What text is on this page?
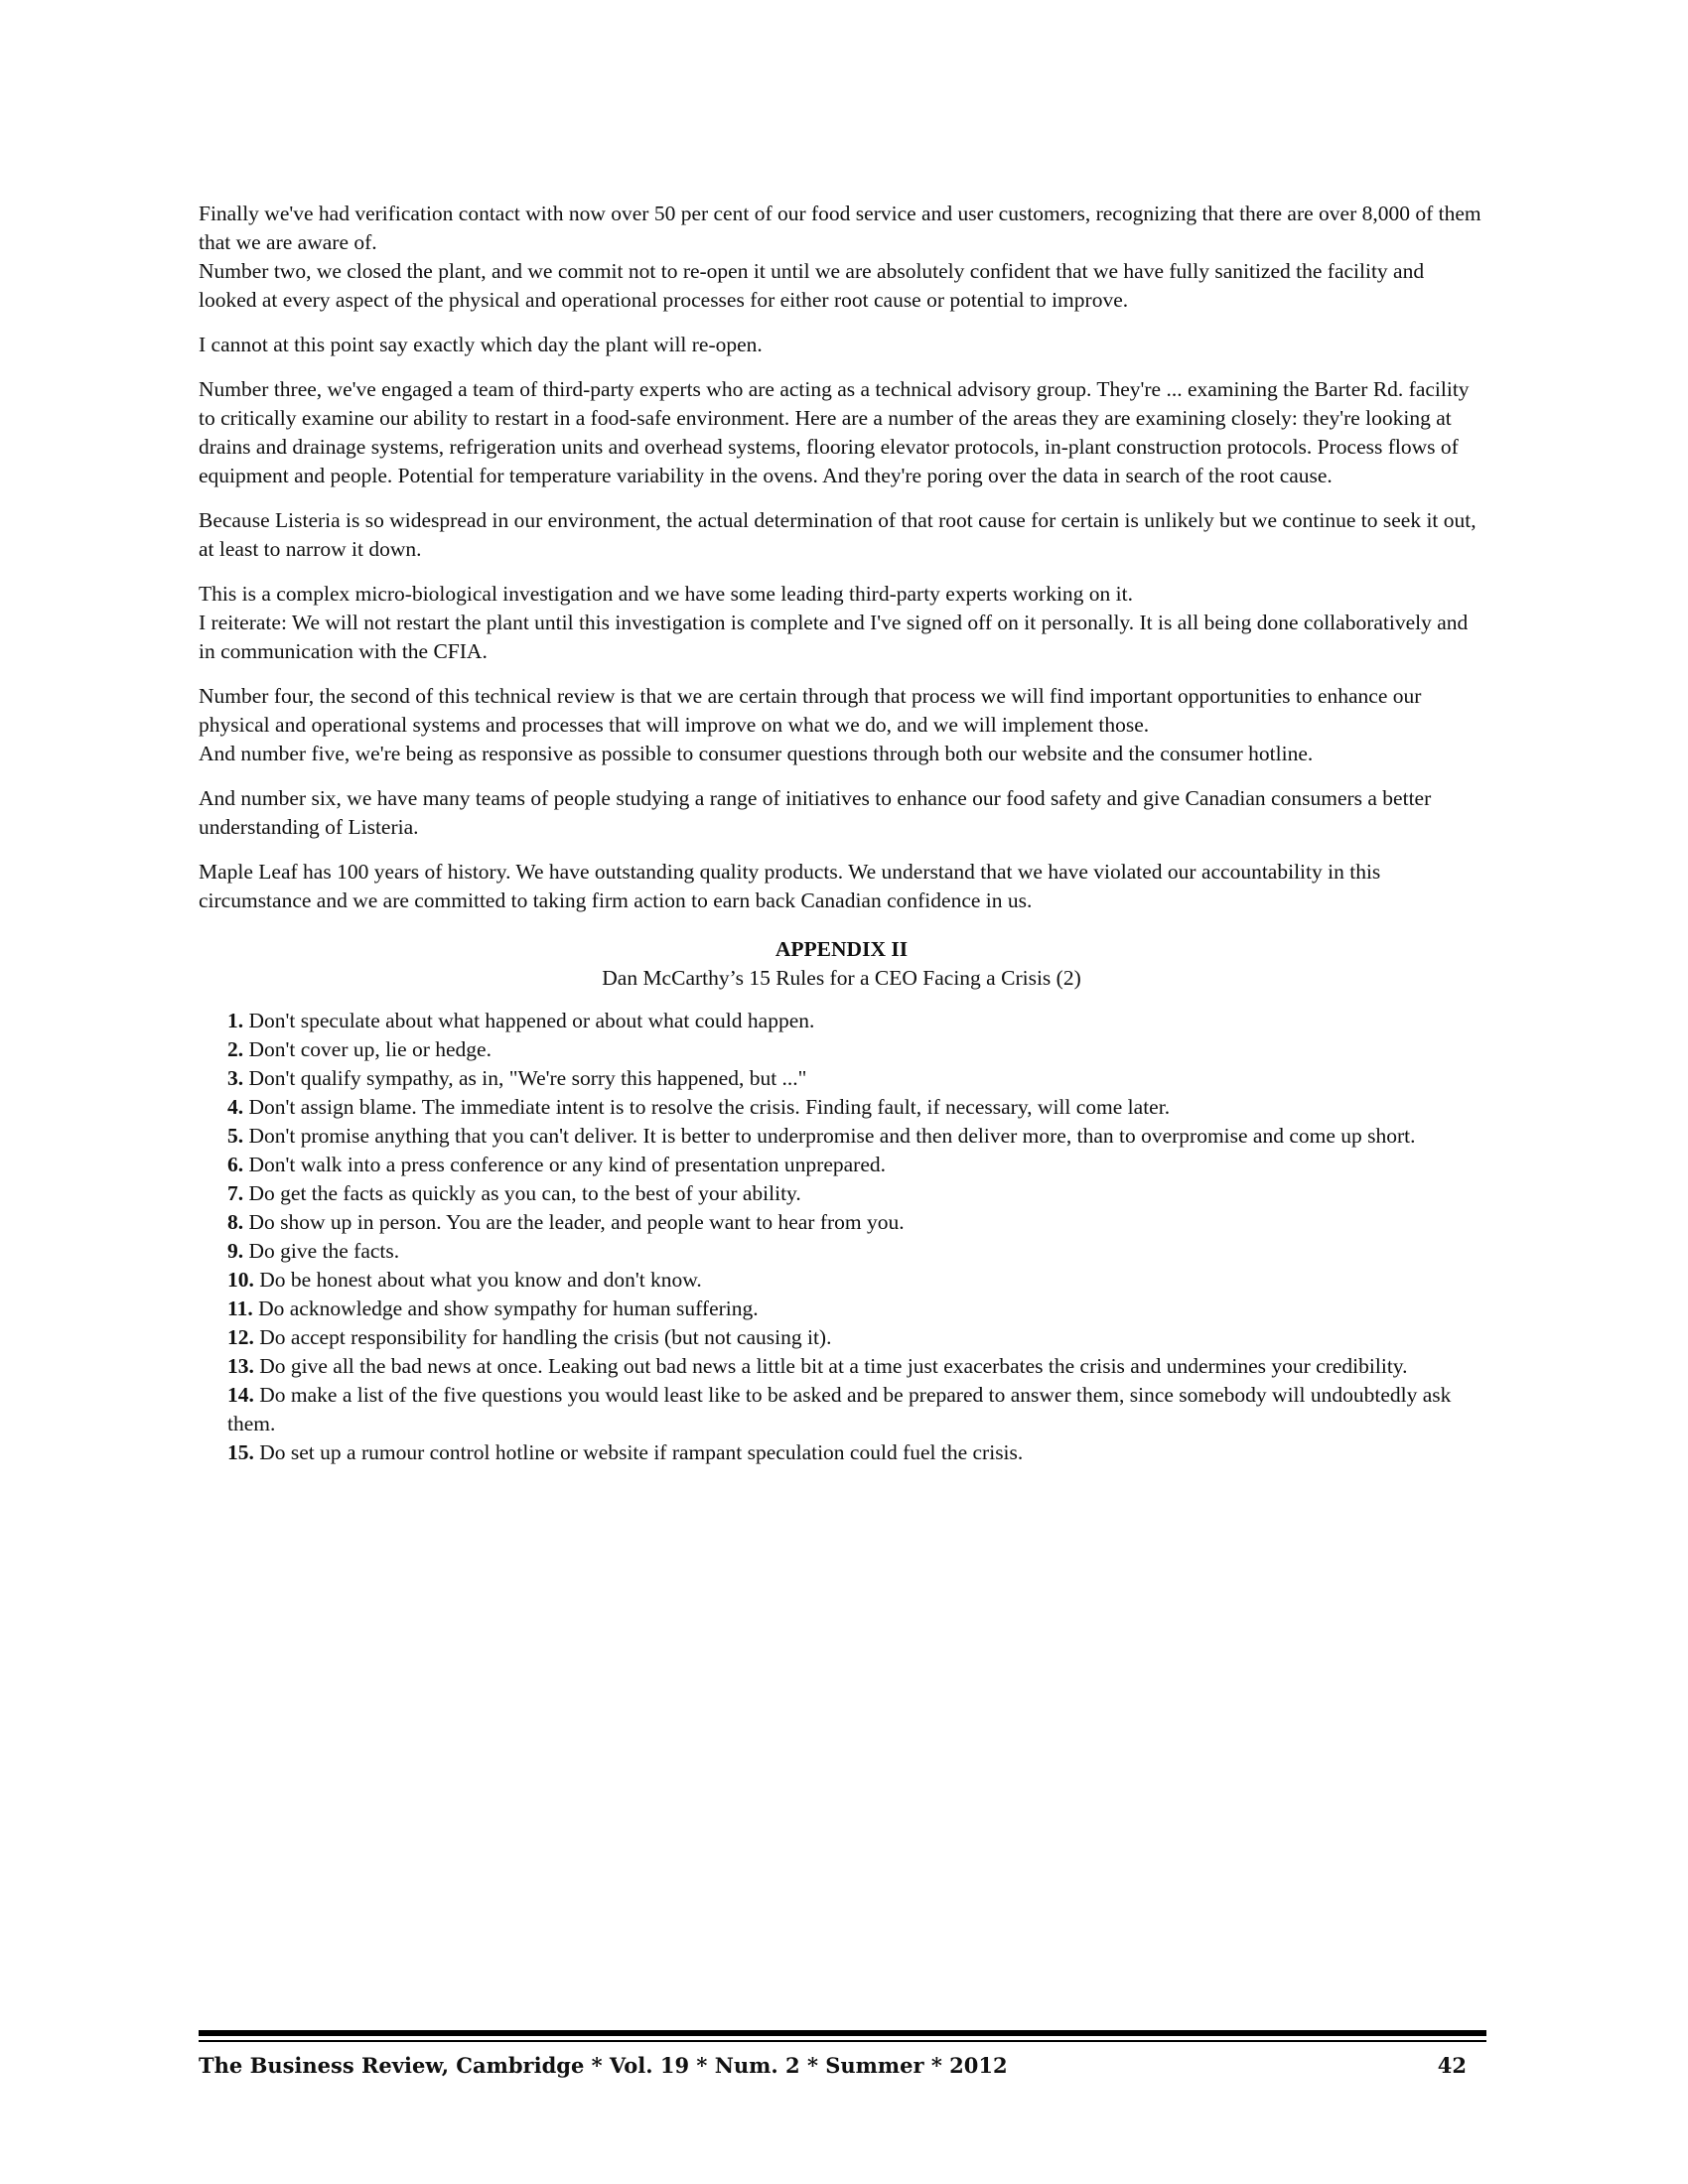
Finally we've had verification contact with now over 50 per cent of our food service and user customers, recognizing that there are over 8,000 of them that we are aware of.
Number two, we closed the plant, and we commit not to re-open it until we are absolutely confident that we have fully sanitized the facility and looked at every aspect of the physical and operational processes for either root cause or potential to improve.

I cannot at this point say exactly which day the plant will re-open.

Number three, we've engaged a team of third-party experts who are acting as a technical advisory group. They're ... examining the Barter Rd. facility to critically examine our ability to restart in a food-safe environment. Here are a number of the areas they are examining closely: they're looking at drains and drainage systems, refrigeration units and overhead systems, flooring elevator protocols, in-plant construction protocols. Process flows of equipment and people. Potential for temperature variability in the ovens. And they're poring over the data in search of the root cause.

Because Listeria is so widespread in our environment, the actual determination of that root cause for certain is unlikely but we continue to seek it out, at least to narrow it down.

This is a complex micro-biological investigation and we have some leading third-party experts working on it.
I reiterate: We will not restart the plant until this investigation is complete and I've signed off on it personally. It is all being done collaboratively and in communication with the CFIA.

Number four, the second of this technical review is that we are certain through that process we will find important opportunities to enhance our physical and operational systems and processes that will improve on what we do, and we will implement those.
And number five, we're being as responsive as possible to consumer questions through both our website and the consumer hotline.

And number six, we have many teams of people studying a range of initiatives to enhance our food safety and give Canadian consumers a better understanding of Listeria.

Maple Leaf has 100 years of history. We have outstanding quality products. We understand that we have violated our accountability in this circumstance and we are committed to taking firm action to earn back Canadian confidence in us.

APPENDIX II
Dan McCarthy’s 15 Rules for a CEO Facing a Crisis (2)
1. Don't speculate about what happened or about what could happen.
2. Don't cover up, lie or hedge.
3. Don't qualify sympathy, as in, "We're sorry this happened, but ..."
4. Don't assign blame. The immediate intent is to resolve the crisis. Finding fault, if necessary, will come later.
5. Don't promise anything that you can't deliver. It is better to underpromise and then deliver more, than to overpromise and come up short.
6. Don't walk into a press conference or any kind of presentation unprepared.
7. Do get the facts as quickly as you can, to the best of your ability.
8. Do show up in person. You are the leader, and people want to hear from you.
9. Do give the facts.
10. Do be honest about what you know and don't know.
11. Do acknowledge and show sympathy for human suffering.
12. Do accept responsibility for handling the crisis (but not causing it).
13. Do give all the bad news at once. Leaking out bad news a little bit at a time just exacerbates the crisis and undermines your credibility.
14. Do make a list of the five questions you would least like to be asked and be prepared to answer them, since somebody will undoubtedly ask them.
15. Do set up a rumour control hotline or website if rampant speculation could fuel the crisis.
The Business Review, Cambridge * Vol. 19 * Num. 2 * Summer * 2012	42
